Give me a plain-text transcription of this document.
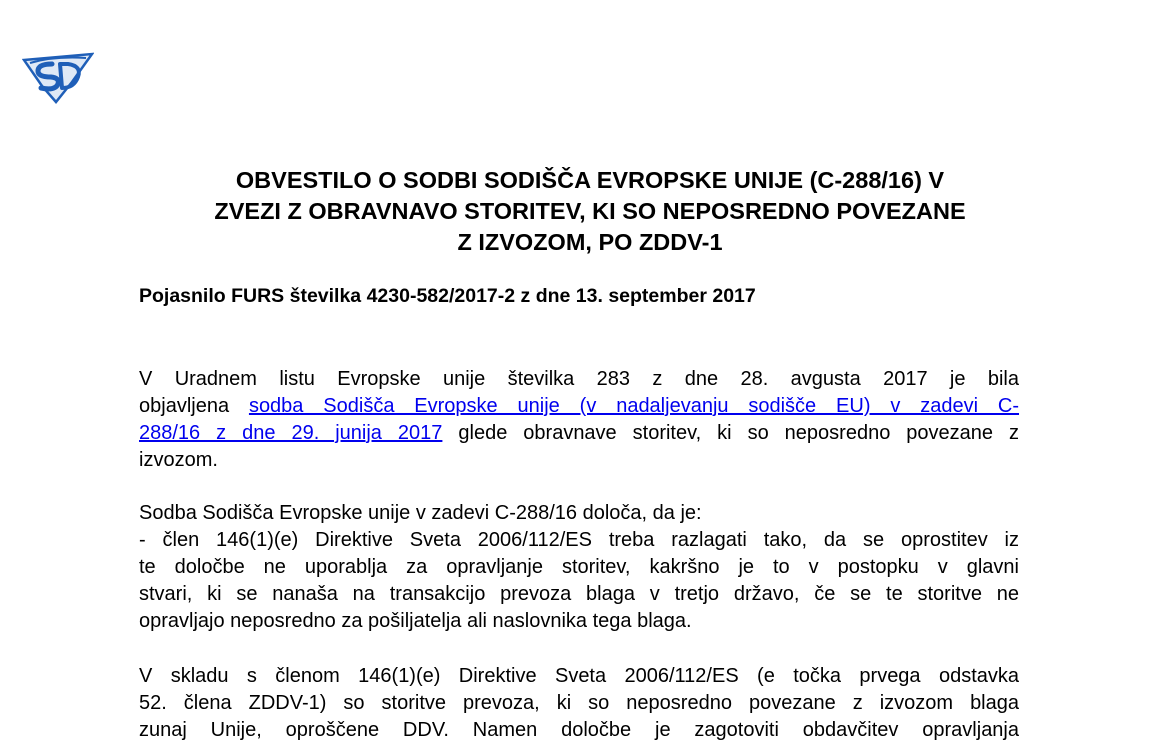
OBVESTILO O SODBI SODIŠČA EVROPSKE UNIJE (C-288/16) V
ZVEZI Z OBRAVNAVO STORITEV, KI SO NEPOSREDNO POVEZANE
Z IZVOZOM, PO ZDDV-1

Pojasnilo FURS številka 4230-582/2017-2 z dne 13. september 2017

V Uradnem listu Evropske unije številka 283 z dne 28. avgusta 2017 je bila
objavljena sodba Sodišča Evropske unije (v nadaljevanju sodišče EU) v zadevi C-
288/16 z dne 29. junija 2017 glede obravnave storitev, ki so neposredno povezane z
izvozom.

Sodba Sodišča Evropske unije v zadevi C-288/16 določa, da je:
- člen 146(1)(e) Direktive Sveta 2006/112/ES treba razlagati tako, da se oprostitev iz
te določbe ne uporablja za opravljanje storitev, kakršno je to v postopku v glavni
stvari, ki se nanaša na transakcijo prevoza blaga v tretjo državo, če se te storitve ne
opravljajo neposredno za pošiljatelja ali naslovnika tega blaga.

V skladu s členom 146(1)(e) Direktive Sveta 2006/112/ES (e točka prvega odstavka
52. člena ZDDV-1) so storitve prevoza, ki so neposredno povezane z izvozom blaga
zunaj Unije, oproščene DDV. Namen določbe je zagotoviti obdavčitev opravljanja
